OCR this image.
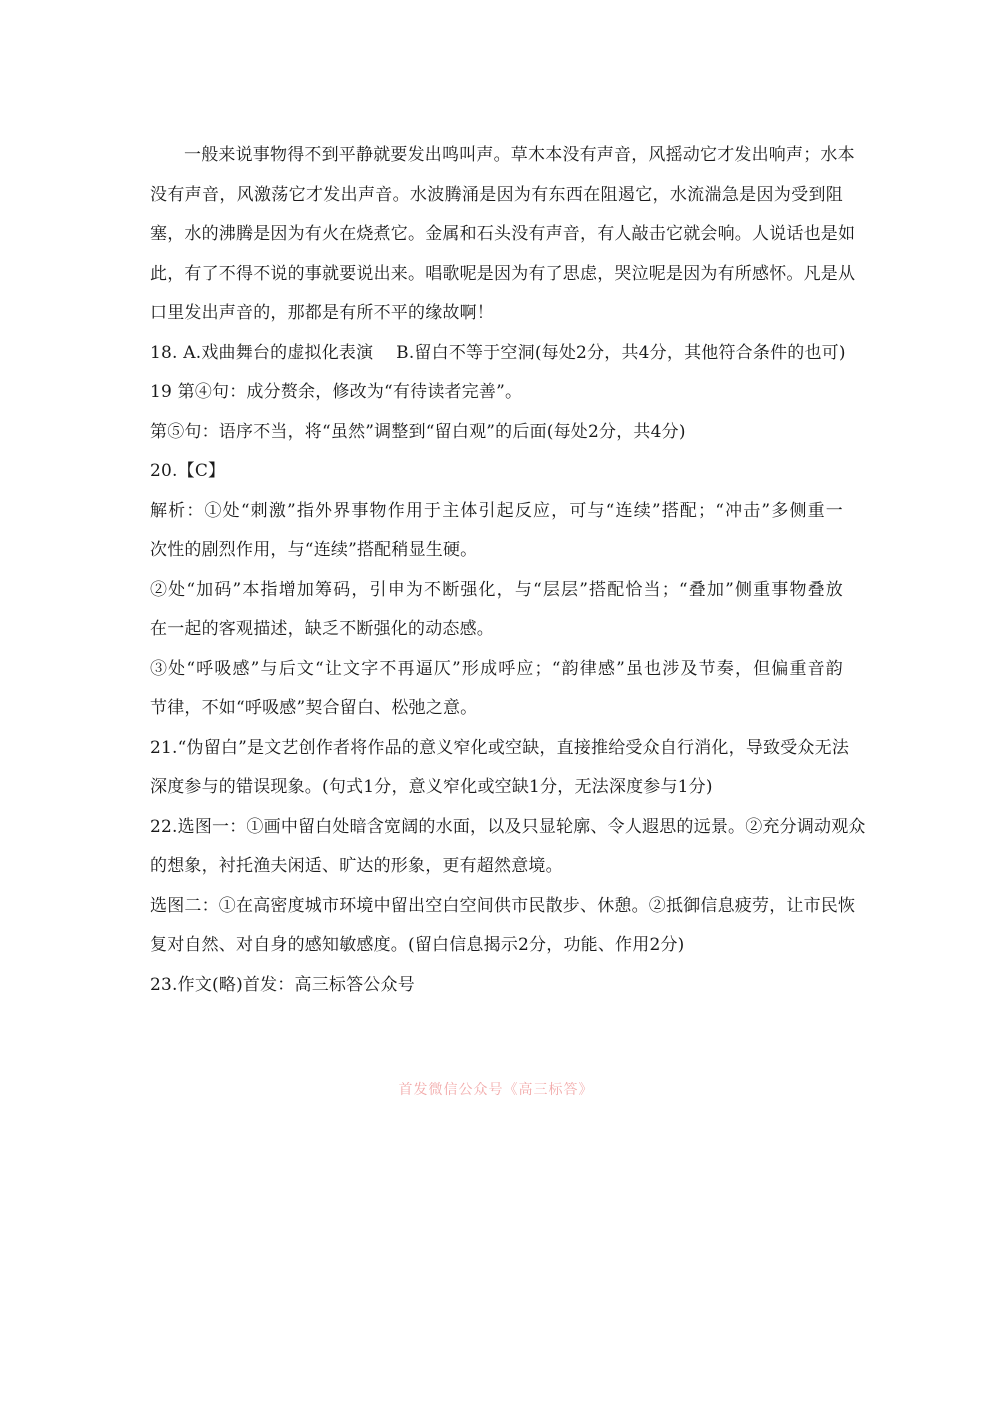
一般来说事物得不到平静就要发出鸣叫声。草木本没有声音，风摇动它才发出响声；水本
没有声音，风激荡它才发出声音。水波腾涌是因为有东西在阻遏它，水流湍急是因为受到阻
塞，水的沸腾是因为有火在烧煮它。金属和石头没有声音，有人敲击它就会响。人说话也是如
此，有了不得不说的事就要说出来。唱歌呢是因为有了思虑，哭泣呢是因为有所感怀。凡是从
口里发出声音的，那都是有所不平的缘故啊！
18. A.戏曲舞台的虚拟化表演　 B.留白不等于空洞(每处2分，共4分，其他符合条件的也可)
19 第④句：成分赘余，修改为“有待读者完善”。
第⑤句：语序不当，将“虽然”调整到“留白观”的后面(每处2分，共4分)
20.【C】
解析：①处“刺激”指外界事物作用于主体引起反应，可与“连续”搭配；“冲击”多侧重一
次性的剧烈作用，与“连续”搭配稍显生硬。
②处“加码”本指增加筹码，引申为不断强化，与“层层”搭配恰当；“叠加”侧重事物叠放
在一起的客观描述，缺乏不断强化的动态感。
③处“呼吸感”与后文“让文字不再逼仄”形成呼应；“韵律感”虽也涉及节奏，但偏重音韵
节律，不如“呼吸感”契合留白、松弛之意。
21.“伪留白”是文艺创作者将作品的意义窄化或空缺，直接推给受众自行消化，导致受众无法
深度参与的错误现象。(句式1分，意义窄化或空缺1分，无法深度参与1分)
22.选图一：①画中留白处暗含宽阔的水面，以及只显轮廓、令人遐思的远景。②充分调动观众
的想象，衬托渔夫闲适、旷达的形象，更有超然意境。
选图二：①在高密度城市环境中留出空白空间供市民散步、休憩。②抵御信息疲劳，让市民恢
复对自然、对自身的感知敏感度。(留白信息揭示2分，功能、作用2分)
23.作文(略)首发：高三标答公众号
首发微信公众号《高三标答》
